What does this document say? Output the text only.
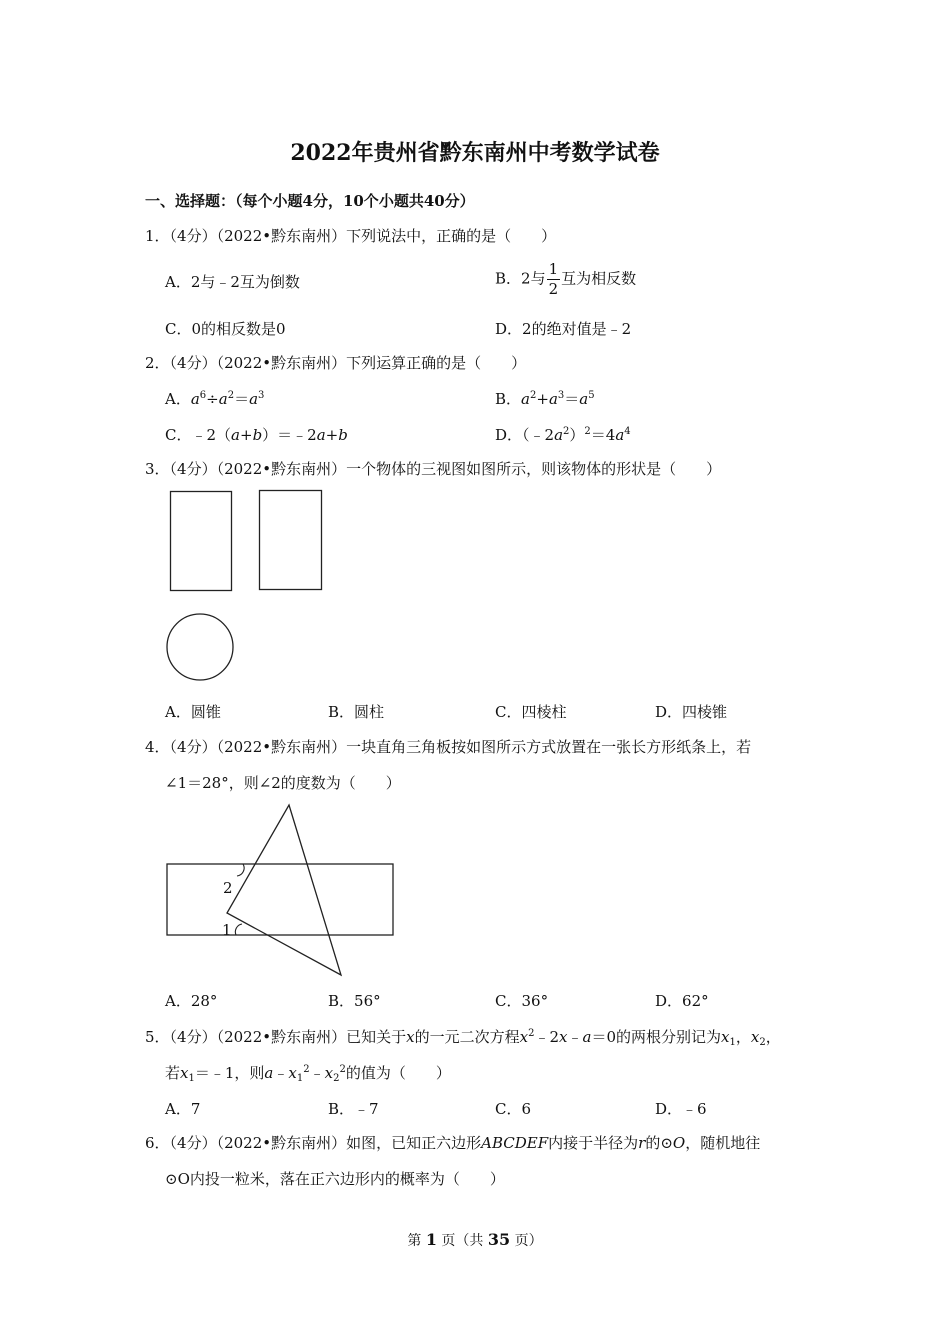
2022年贵州省黔东南州中考数学试卷
一、选择题：（每个小题4分，10个小题共40分）
1．（4分）（2022•黔东南州）下列说法中，正确的是（　　）
A．2与﹣2互为倒数	B．2与 $\frac{1}{2}$ 互为相反数
C．0的相反数是0	D．2的绝对值是﹣2
2．（4分）（2022•黔东南州）下列运算正确的是（　　）
A．$a^6\div a^2=a^3$	B．$a^2+a^3=a^5$
C．﹣2（a+b）＝﹣2a+b	D．$(﹣2a^2)^2=4a^4$
3．（4分）（2022•黔东南州）一个物体的三视图如图所示，则该物体的形状是（　　）
A．圆锥	B．圆柱	C．四棱柱	D．四棱锥
4．（4分）（2022•黔东南州）一块直角三角板按如图所示方式放置在一张长方形纸条上，若
∠1＝28°，则∠2的度数为（　　）
2
1
A．28°	B．56°	C．36°	D．62°
5．（4分）（2022•黔东南州）已知关于x的一元二次方程$x^2﹣2x﹣a=0$的两根分别记为$x_1$，$x_2$，
若$x_1=﹣1$，则$a﹣x_1^2﹣x_2^2$的值为（　　）
A．7	B．﹣7	C．6	D．﹣6
6．（4分）（2022•黔东南州）如图，已知正六边形ABCDEF内接于半径为r的⊙O，随机地往
⊙O内投一粒米，落在正六边形内的概率为（　　）
第 1 页（共 35 页）
